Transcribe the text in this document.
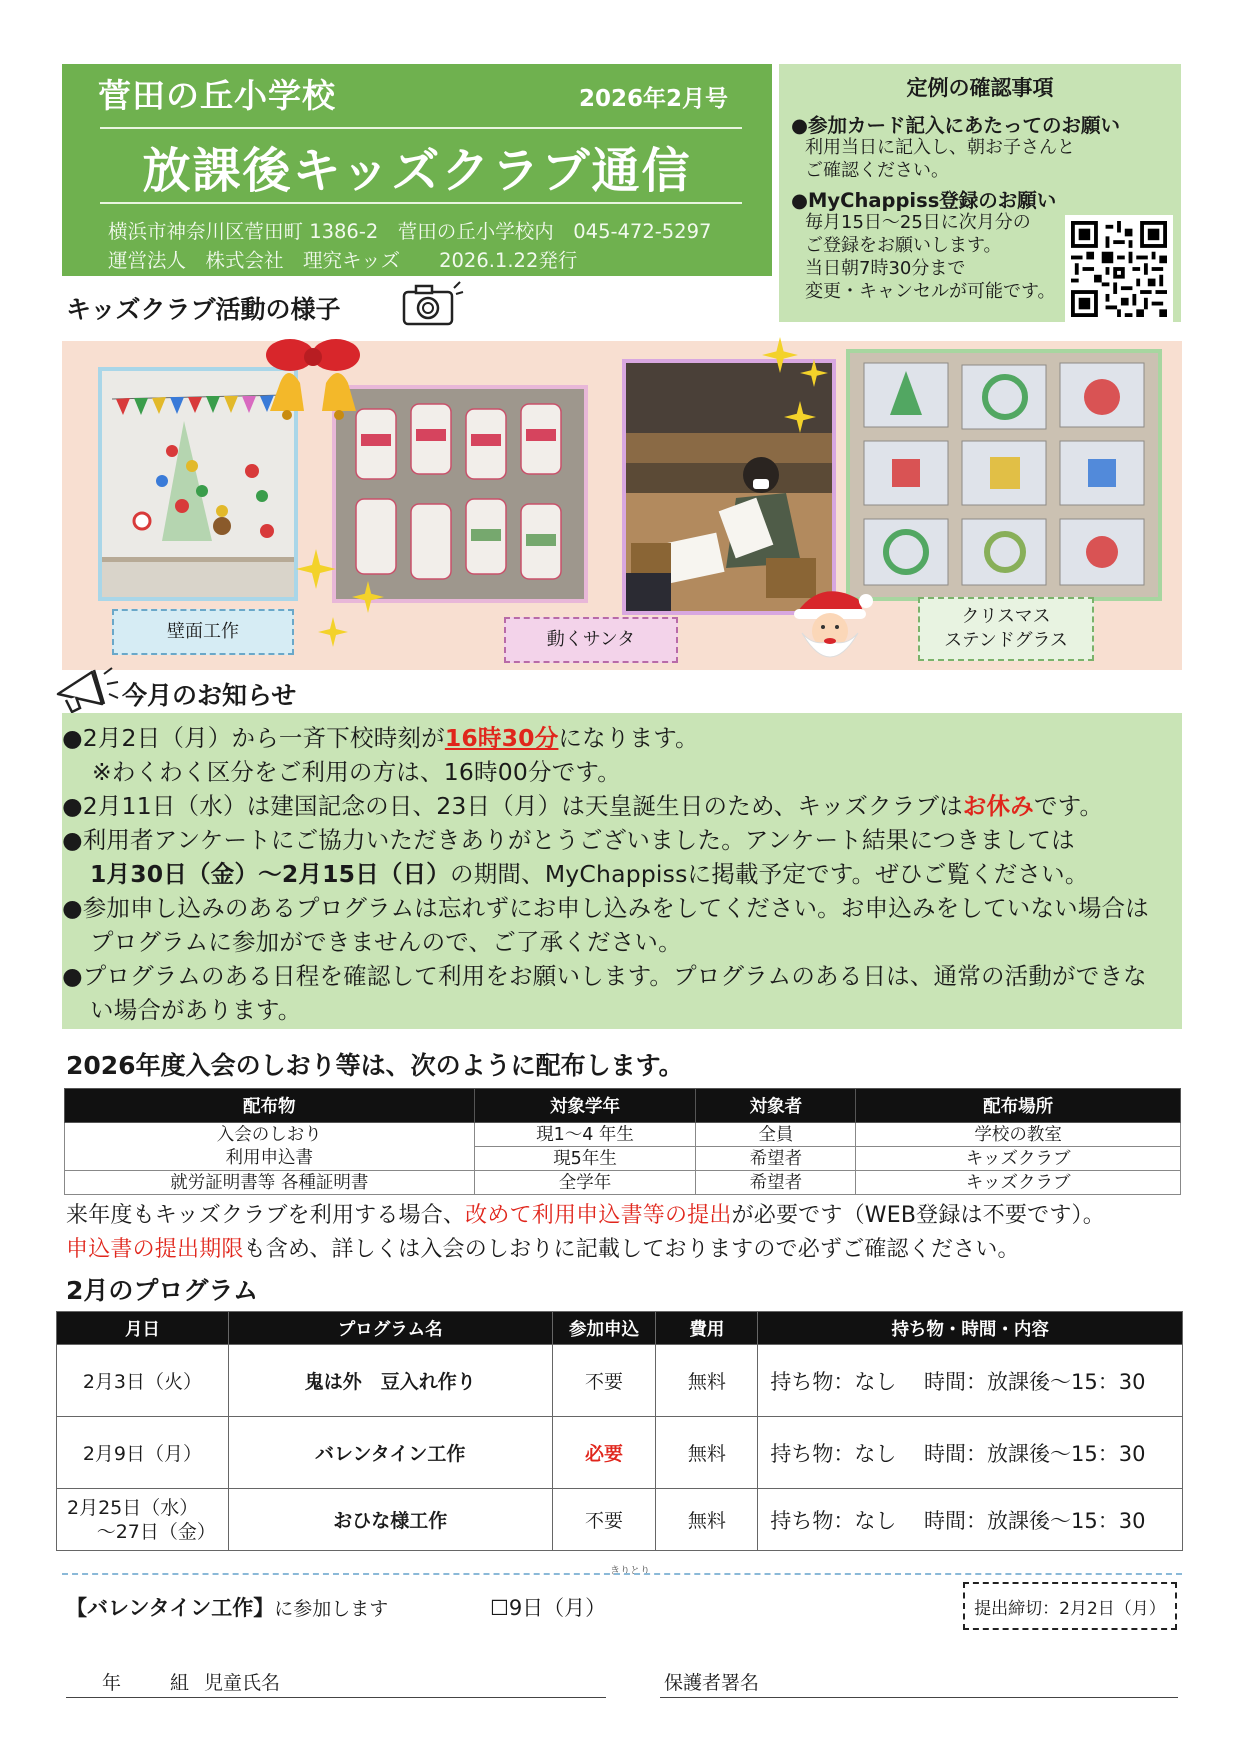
菅田の丘小学校	2026年2月号
放課後キッズクラブ通信
横浜市神奈川区菅田町 1386-2　菅田の丘小学校内　045-472-5297
運営法人　株式会社　理究キッズ　　2026.1.22発行
定例の確認事項
●参加カード記入にあたってのお願い
利用当日に記入し、朝お子さんと
ご確認ください。
●MyChappiss登録のお願い
毎月15日～25日に次月分の
ご登録をお願いします。
当日朝7時30分まで
変更・キャンセルが可能です。
キッズクラブ活動の様子
壁面工作	動くサンタ
クリスマス
ステンドグラス
今月のお知らせ
●2月2日（月）から一斉下校時刻が16時30分になります。
※わくわく区分をご利用の方は、16時00分です。
●2月11日（水）は建国記念の日、23日（月）は天皇誕生日のため、キッズクラブはお休みです。
●利用者アンケートにご協力いただきありがとうございました。アンケート結果につきましては
1月30日（金）～2月15日（日）の期間、MyChappissに掲載予定です。ぜひご覧ください。
●参加申し込みのあるプログラムは忘れずにお申し込みをしてください。お申込みをしていない場合は
プログラムに参加ができませんので、ご了承ください。
●プログラムのある日程を確認して利用をお願いします。プログラムのある日は、通常の活動ができな
い場合があります。
2026年度入会のしおり等は、次のように配布します。
配布物	対象学年	対象者	配布場所
入会のしおり	現1～4 年生	全員	学校の教室
利用申込書	現5年生	希望者	キッズクラブ
就労証明書等 各種証明書	全学年	希望者	キッズクラブ
来年度もキッズクラブを利用する場合、改めて利用申込書等の提出が必要です（WEB登録は不要です）。
申込書の提出期限も含め、詳しくは入会のしおりに記載しておりますので必ずご確認ください。
2月のプログラム
月日	プログラム名	参加申込	費用	持ち物・時間・内容
2月3日（火）	鬼は外　豆入れ作り	不要	無料	持ち物：なし　 時間：放課後～15：30
2月9日（月）	バレンタイン工作	必要	無料	持ち物：なし　 時間：放課後～15：30

2月25日（水）
～27日（金）	おひな様工作	不要	無料	持ち物：なし　 時間：放課後～15：30
きりとり
【バレンタイン工作】に参加します	☐9日（月）	提出締切：2月2日（月）
年	組 児童氏名	保護者署名
